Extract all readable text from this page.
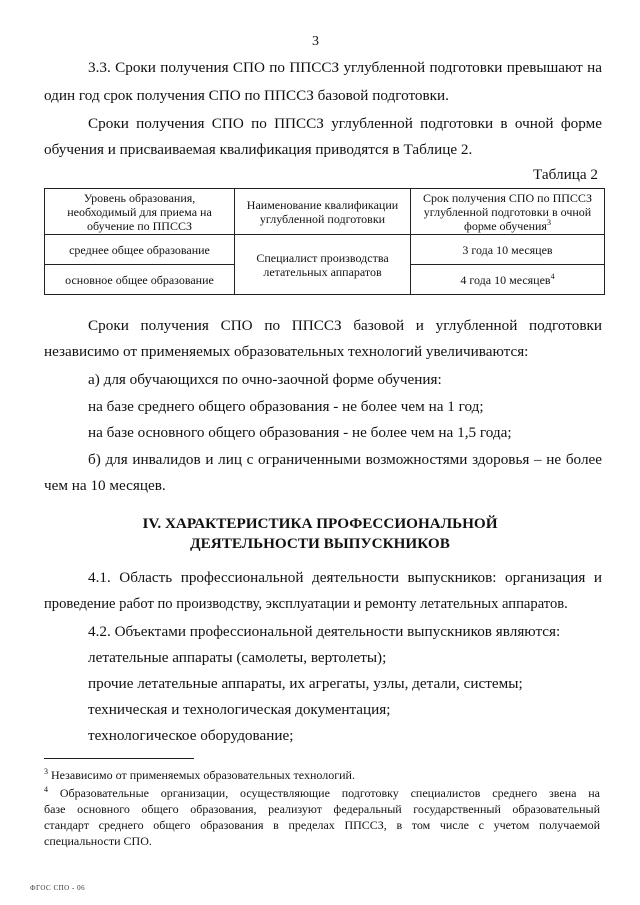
3
3.3. Сроки получения СПО по ППССЗ углубленной подготовки превышают на
один год срок получения СПО по ППССЗ базовой подготовки.
Сроки получения СПО по ППССЗ углубленной подготовки в очной форме
обучения и присваиваемая квалификация приводятся в Таблице 2.
Таблица 2
Уровень образования, необходимый для приема на обучение по ППССЗ	Наименование квалификации углубленной подготовки	Срок получения СПО по ППССЗ углубленной подготовки в очной форме обучения$^3$
среднее общее образование	Специалист производства летательных аппаратов	3 года 10 месяцев
основное общее образование		4 года 10 месяцев$^4$
Сроки получения СПО по ППССЗ базовой и углубленной подготовки
независимо от применяемых образовательных технологий увеличиваются:
а) для обучающихся по очно-заочной форме обучения:
на базе среднего общего образования - не более чем на 1 год;
на базе основного общего образования - не более чем на 1,5 года;
б) для инвалидов и лиц с ограниченными возможностями здоровья – не более
чем на 10 месяцев.
IV. ХАРАКТЕРИСТИКА ПРОФЕССИОНАЛЬНОЙ
ДЕЯТЕЛЬНОСТИ ВЫПУСКНИКОВ
4.1. Область профессиональной деятельности выпускников: организация и
проведение работ по производству, эксплуатации и ремонту летательных аппаратов.
4.2. Объектами профессиональной деятельности выпускников являются:
летательные аппараты (самолеты, вертолеты);
прочие летательные аппараты, их агрегаты, узлы, детали, системы;
техническая и технологическая документация;
технологическое оборудование;
$^3$ Независимо от применяемых образовательных технологий.
$^4$ Образовательные организации, осуществляющие подготовку специалистов среднего звена на
базе основного общего образования, реализуют федеральный государственный образовательный
стандарт среднего общего образования в пределах ППССЗ, в том числе с учетом получаемой
специальности СПО.
ФГОС СПО - 06
